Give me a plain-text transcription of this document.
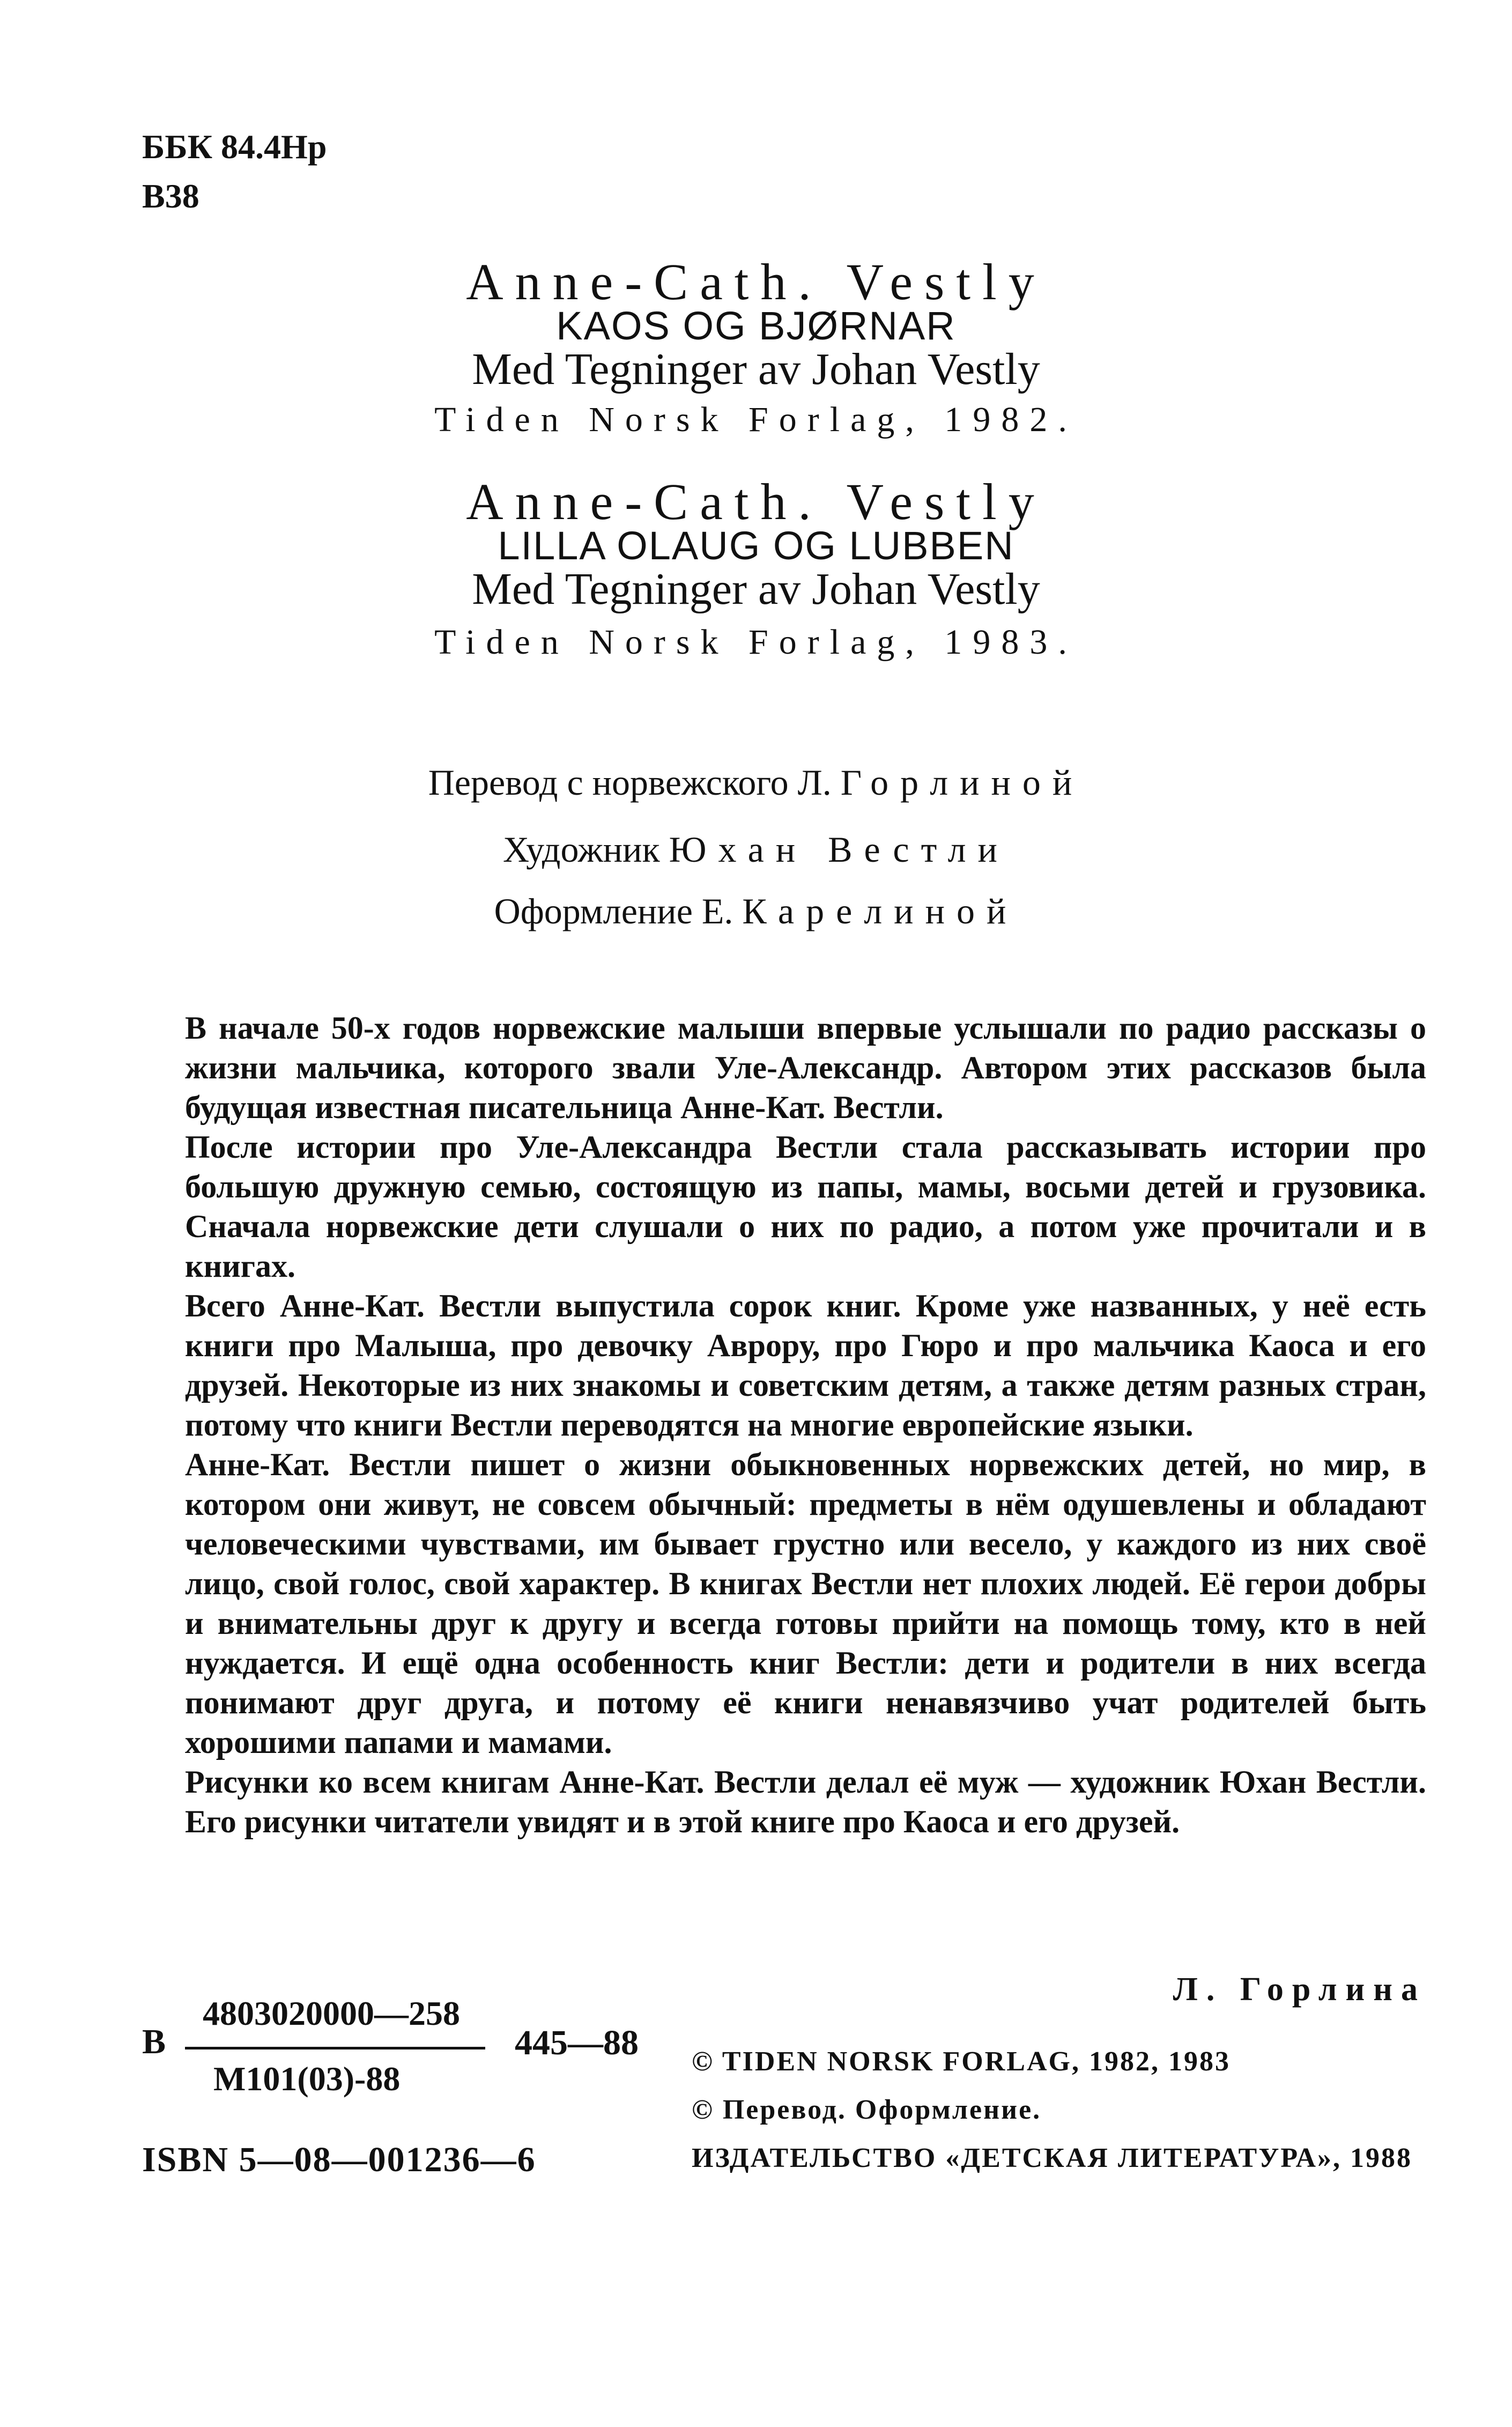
ББК 84.4Нр
В38
Anne-Cath. Vestly
KAOS OG BJØRNAR
Med Tegninger av Johan Vestly
Tiden Norsk Forlag, 1982.
Anne-Cath. Vestly
LILLA OLAUG OG LUBBEN
Med Tegninger av Johan Vestly
Tiden Norsk Forlag, 1983.
Перевод с норвежского Л. Горлиной
Художник Юхан Вестли
Оформление Е. Карелиной

В начале 50-х годов норвежские малыши впервые услышали по радио рассказы о жизни мальчика, которого звали Уле-Александр. Автором этих рассказов была будущая известная писательница Анне-Кат. Вестли.

После истории про Уле-Александра Вестли стала рассказывать истории про большую дружную семью, состоящую из папы, мамы, восьми детей и грузовика. Сначала норвежские дети слушали о них по радио, а потом уже прочитали и в книгах.

Всего Анне-Кат. Вестли выпустила сорок книг. Кроме уже названных, у неё есть книги про Малыша, про девочку Аврору, про Гюро и про мальчика Каоса и его друзей. Некоторые из них знакомы и советским детям, а также детям разных стран, потому что книги Вестли переводятся на многие европейские языки.

Анне-Кат. Вестли пишет о жизни обыкновенных норвежских детей, но мир, в котором они живут, не совсем обычный: предметы в нём одушевлены и обладают человеческими чувствами, им бывает грустно или весело, у каждого из них своё лицо, свой голос, свой характер. В книгах Вестли нет плохих людей. Её герои добры и внимательны друг к другу и всегда готовы прийти на помощь тому, кто в ней нуждается. И ещё одна особенность книг Вестли: дети и родители в них всегда понимают друг друга, и потому её книги ненавязчиво учат родителей быть хорошими папами и мамами.

Рисунки ко всем книгам Анне-Кат. Вестли делал её муж — художник Юхан Вестли. Его рисунки читатели увидят и в этой книге про Каоса и его друзей.

Л. Горлина
В
4803020000—258
М101(03)-88
445—88
ISBN 5—08—001236—6
© TIDEN NORSK FORLAG, 1982, 1983
© Перевод. Оформление.
ИЗДАТЕЛЬСТВО «ДЕТСКАЯ ЛИТЕРАТУРА», 1988
